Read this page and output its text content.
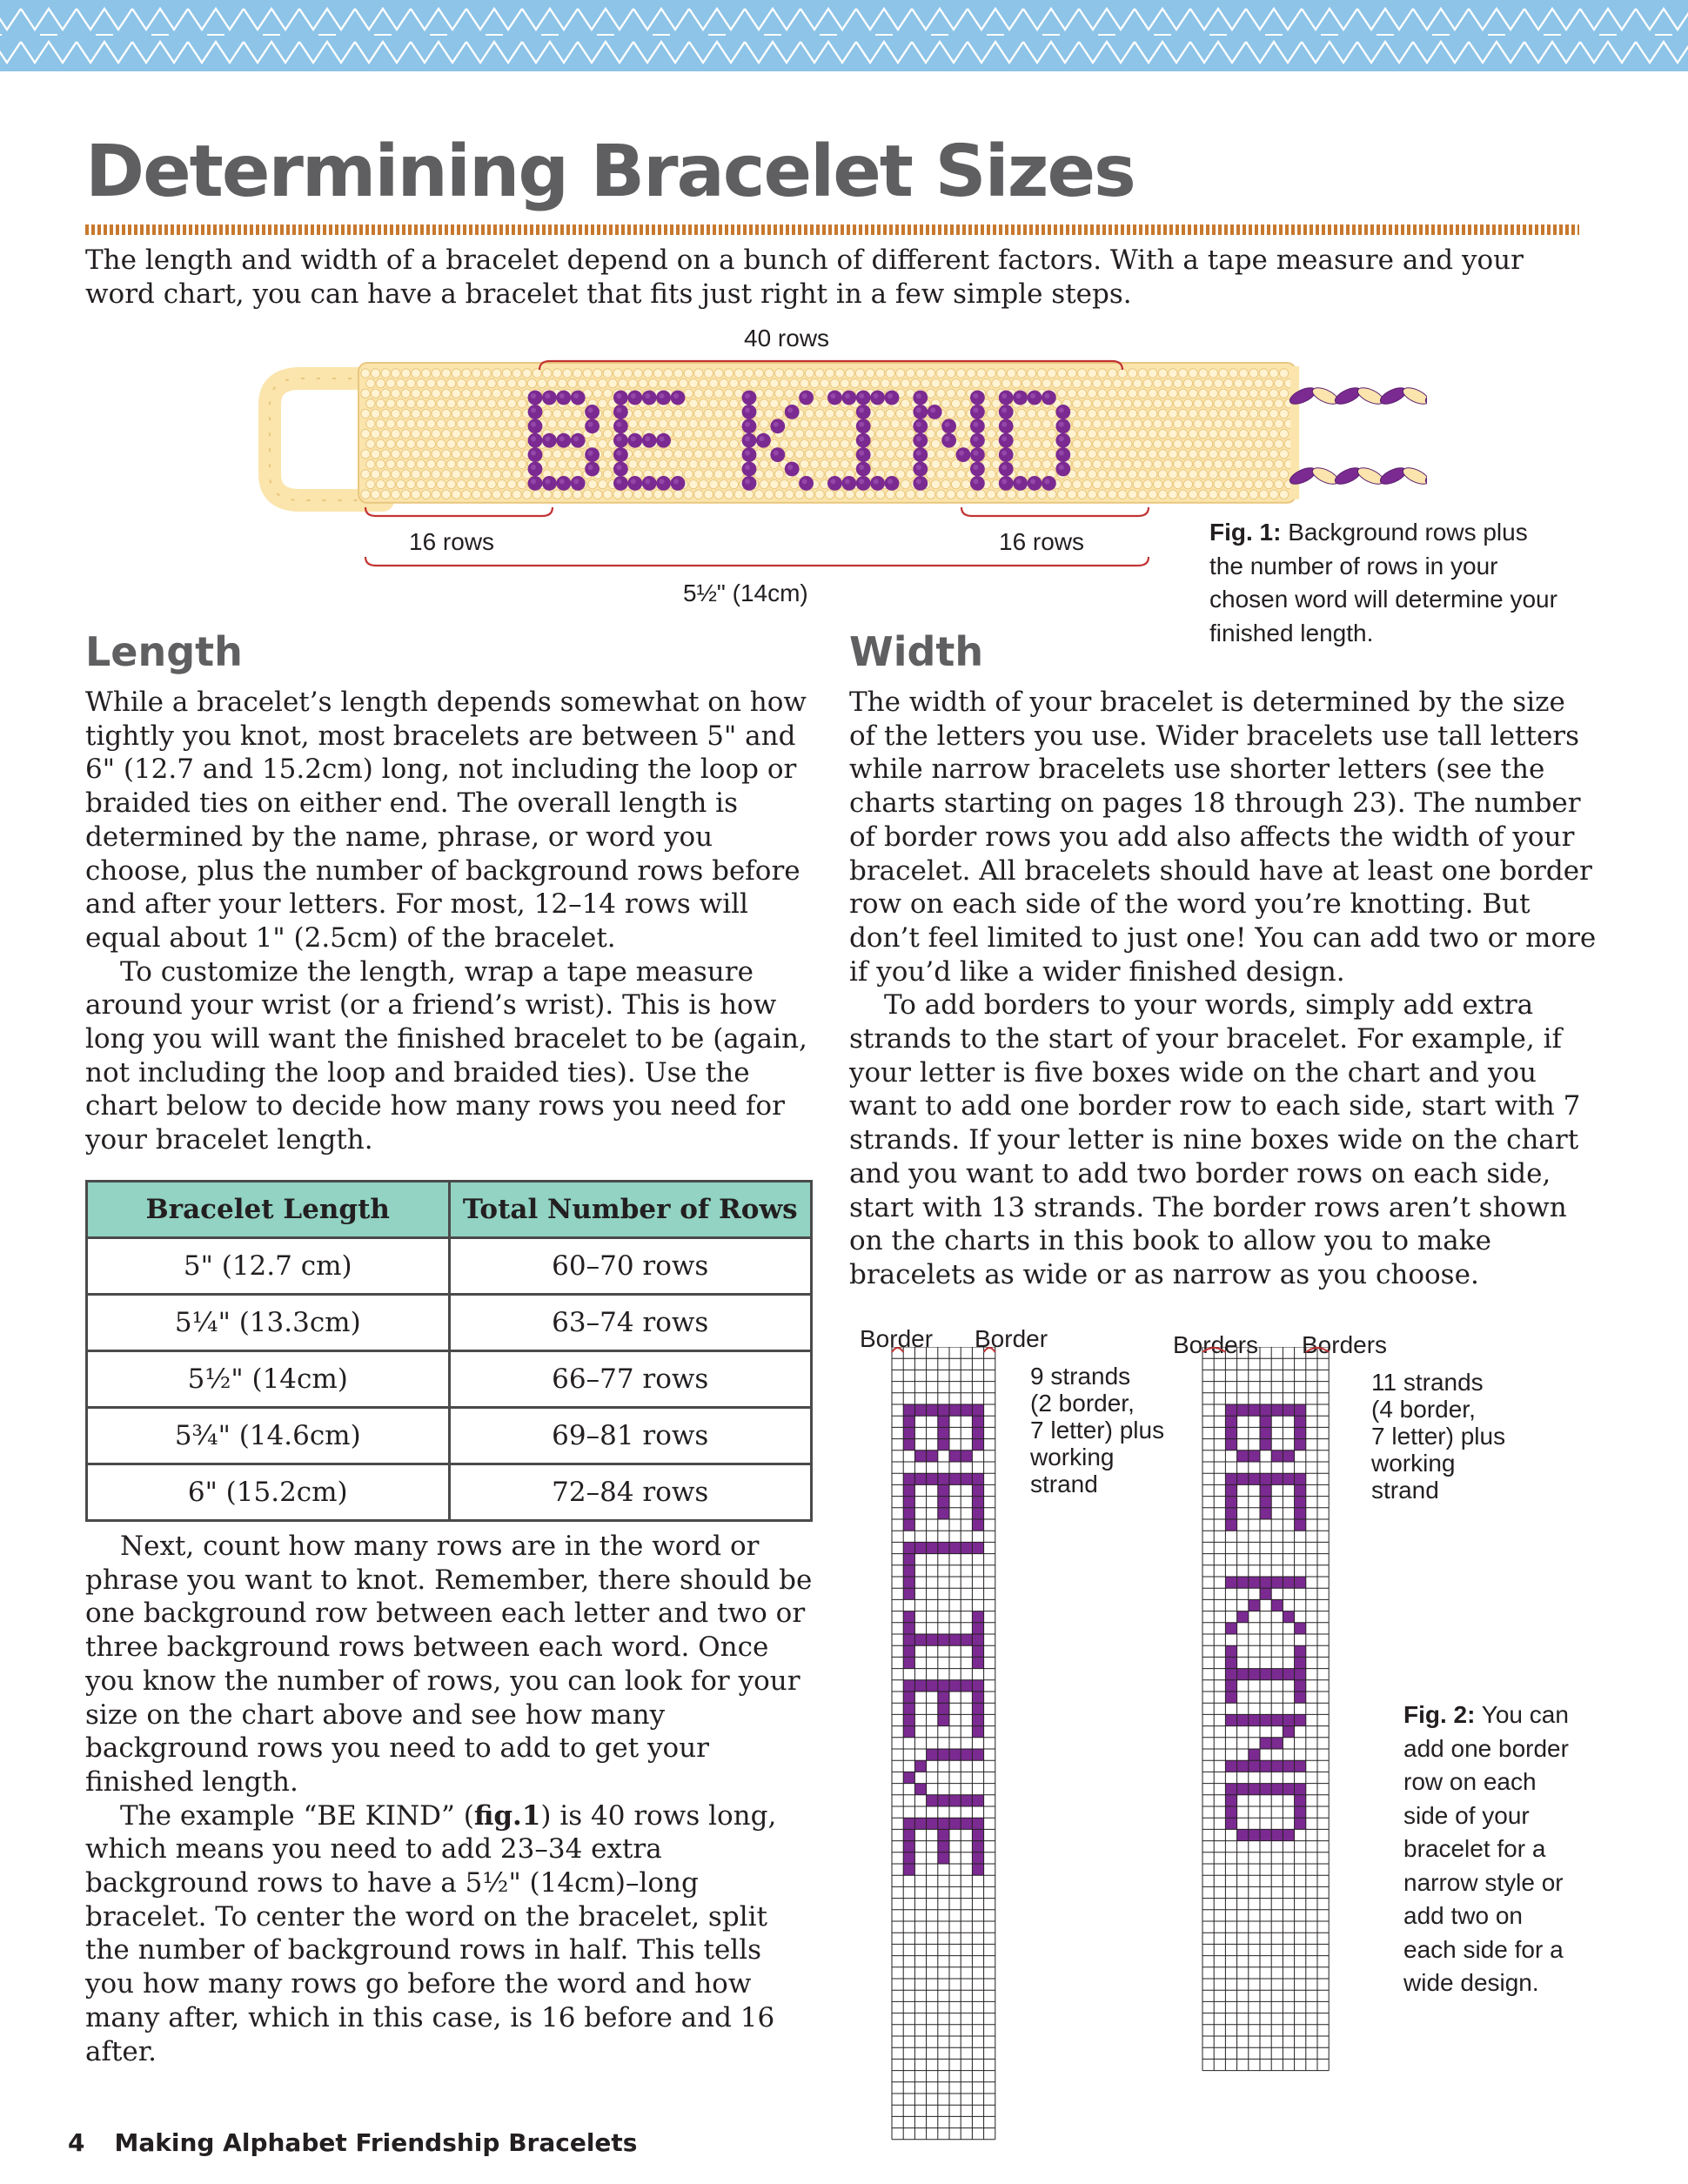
Determining Bracelet Sizes

The length and width of a bracelet depend on a bunch of different factors. With a tape measure and your word chart, you can have a bracelet that fits just right in a few simple steps.

40 rows
16 rows	16 rows
5½" (14cm)
Fig. 1: Background rows plus the number of rows in your chosen word will determine your finished length.
Length

While a bracelet’s length depends somewhat on how tightly you knot, most bracelets are between 5" and 6" (12.7 and 15.2cm) long, not including the loop or braided ties on either end. The overall length is determined by the name, phrase, or word you choose, plus the number of background rows before and after your letters. For most, 12–14 rows will equal about 1" (2.5cm) of the bracelet.

To customize the length, wrap a tape measure around your wrist (or a friend’s wrist). This is how long you will want the finished bracelet to be (again, not including the loop and braided ties). Use the chart below to decide how many rows you need for your bracelet length.

Bracelet Length	Total Number of Rows
5" (12.7 cm)	60–70 rows
5¼" (13.3cm)	63–74 rows
5½" (14cm)	66–77 rows
5¾" (14.6cm)	69–81 rows
6" (15.2cm)	72–84 rows

Next, count how many rows are in the word or phrase you want to knot. Remember, there should be one background row between each letter and two or three background rows between each word. Once you know the number of rows, you can look for your size on the chart above and see how many background rows you need to add to get your finished length.

The example “BE KIND” (fig.1) is 40 rows long, which means you need to add 23–34 extra background rows to have a 5½" (14cm)–long bracelet. To center the word on the bracelet, split the number of background rows in half. This tells you how many rows go before the word and how many after, which in this case, is 16 before and 16 after.

Width

The width of your bracelet is determined by the size of the letters you use. Wider bracelets use tall letters while narrow bracelets use shorter letters (see the charts starting on pages 18 through 23). The number of border rows you add also affects the width of your bracelet. All bracelets should have at least one border row on each side of the word you’re knotting. But don’t feel limited to just one! You can add two or more if you’d like a wider finished design.

To add borders to your words, simply add extra strands to the start of your bracelet. For example, if your letter is five boxes wide on the chart and you want to add one border row to each side, start with 7 strands. If your letter is nine boxes wide on the chart and you want to add two border rows on each side, start with 13 strands. The border rows aren’t shown on the charts in this book to allow you to make bracelets as wide or as narrow as you choose.

Border Border	Borders Borders
9 strands
(2 border,
7 letter) plus
working
strand
11 strands
(4 border,
7 letter) plus
working
strand
Fig. 2: You can add one border row on each side of your bracelet for a narrow style or add two on each side for a wide design.
4 Making Alphabet Friendship Bracelets
